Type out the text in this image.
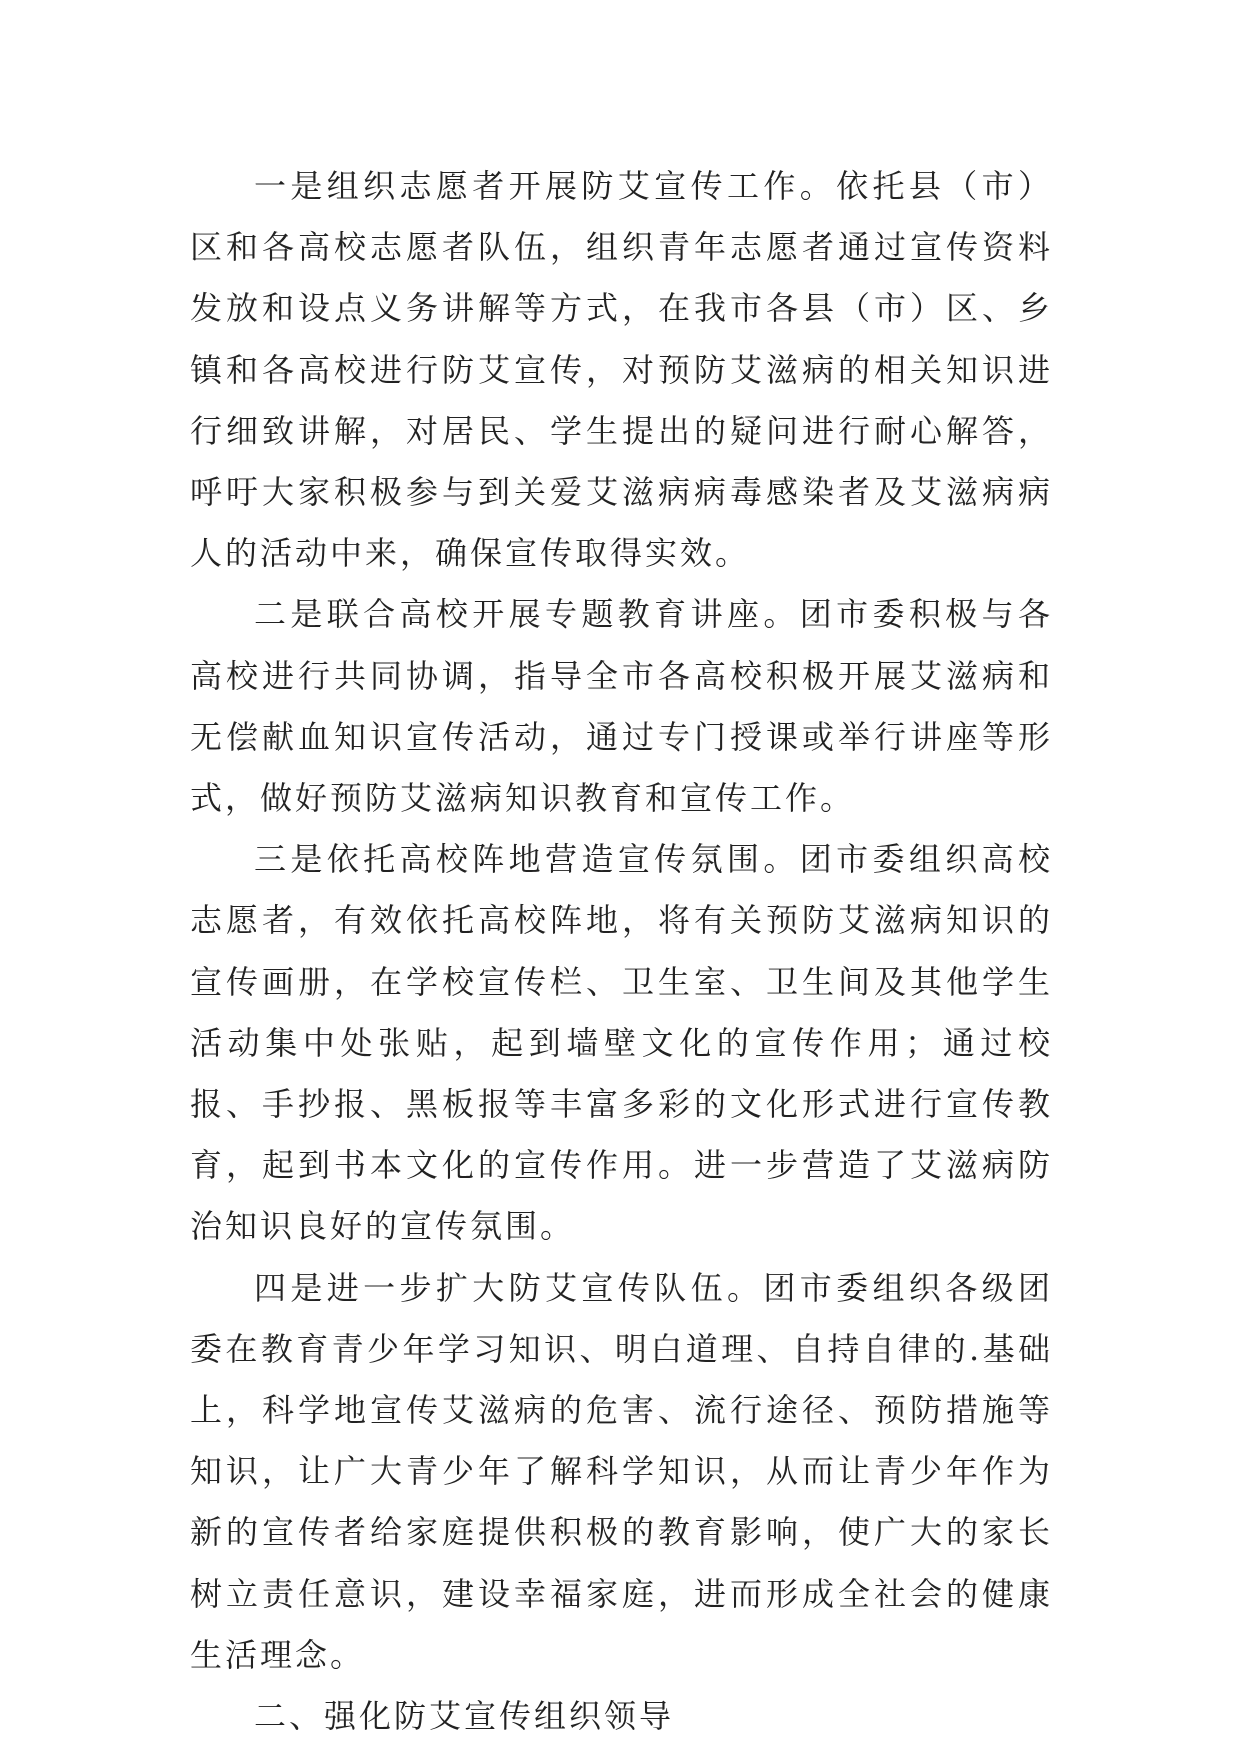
一是组织志愿者开展防艾宣传工作。依托县（市）区和各高校志愿者队伍，组织青年志愿者通过宣传资料发放和设点义务讲解等方式，在我市各县（市）区、乡镇和各高校进行防艾宣传，对预防艾滋病的相关知识进行细致讲解，对居民、学生提出的疑问进行耐心解答，呼吁大家积极参与到关爱艾滋病病毒感染者及艾滋病病人的活动中来，确保宣传取得实效。

二是联合高校开展专题教育讲座。团市委积极与各高校进行共同协调，指导全市各高校积极开展艾滋病和无偿献血知识宣传活动，通过专门授课或举行讲座等形式，做好预防艾滋病知识教育和宣传工作。

三是依托高校阵地营造宣传氛围。团市委组织高校志愿者，有效依托高校阵地，将有关预防艾滋病知识的宣传画册，在学校宣传栏、卫生室、卫生间及其他学生活动集中处张贴，起到墙壁文化的宣传作用；通过校报、手抄报、黑板报等丰富多彩的文化形式进行宣传教育，起到书本文化的宣传作用。进一步营造了艾滋病防治知识良好的宣传氛围。

四是进一步扩大防艾宣传队伍。团市委组织各级团委在教育青少年学习知识、明白道理、自持自律的.基础上，科学地宣传艾滋病的危害、流行途径、预防措施等知识，让广大青少年了解科学知识，从而让青少年作为新的宣传者给家庭提供积极的教育影响，使广大的家长树立责任意识，建设幸福家庭，进而形成全社会的健康生活理念。

二、强化防艾宣传组织领导
